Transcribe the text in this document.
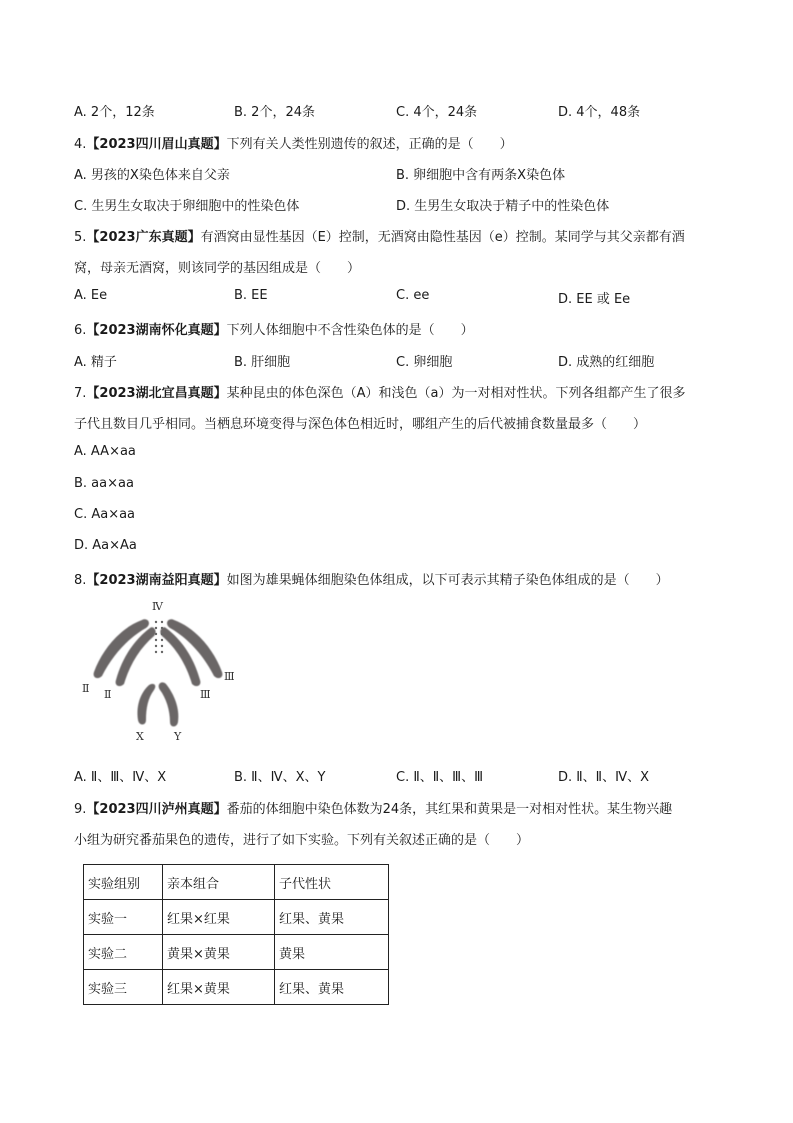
A. 2个，12条	B. 2个，24条	C. 4个，24条	D. 4个，48条
4.【2023四川眉山真题】下列有关人类性别遗传的叙述，正确的是（　　）
A. 男孩的X染色体来自父亲	B. 卵细胞中含有两条X染色体
C. 生男生女取决于卵细胞中的性染色体	D. 生男生女取决于精子中的性染色体
5.【2023广东真题】有酒窝由显性基因（E）控制，无酒窝由隐性基因（e）控制。某同学与其父亲都有酒
窝，母亲无酒窝，则该同学的基因组成是（　　）
A. Ee	B. EE	C. ee	D. EE 或 Ee
6.【2023湖南怀化真题】下列人体细胞中不含性染色体的是（　　）
A. 精子	B. 肝细胞	C. 卵细胞	D. 成熟的红细胞
7.【2023湖北宜昌真题】某种昆虫的体色深色（A）和浅色（a）为一对相对性状。下列各组都产生了很多
子代且数目几乎相同。当栖息环境变得与深色体色相近时，哪组产生的后代被捕食数量最多（　　）
A. AA×aa
B. aa×aa
C. Aa×aa
D. Aa×Aa
8.【2023湖南益阳真题】如图为雄果蝇体细胞染色体组成，以下可表示其精子染色体组成的是（　　）
Ⅳ
Ⅱ Ⅱ
Ⅲ
Ⅲ
X	Y
A. Ⅱ、Ⅲ、Ⅳ、X	B. Ⅱ、Ⅳ、X、Y	C. Ⅱ、Ⅱ、Ⅲ、Ⅲ	D. Ⅱ、Ⅱ、Ⅳ、X
9.【2023四川泸州真题】番茄的体细胞中染色体数为24条，其红果和黄果是一对相对性状。某生物兴趣
小组为研究番茄果色的遗传，进行了如下实验。下列有关叙述正确的是（　　）
实验组别	亲本组合	子代性状
实验一	红果×红果	红果、黄果
实验二	黄果×黄果	黄果
实验三	红果×黄果	红果、黄果
